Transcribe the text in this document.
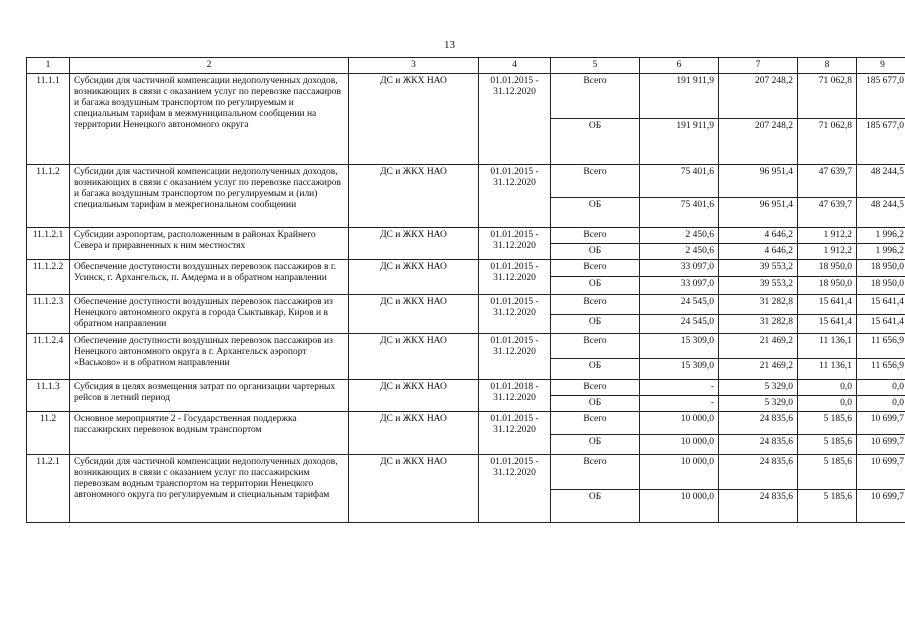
13
1	2	3	4	5	6	7	8	9
11.1.1	Субсидии для частичной компенсации недополученных доходов, возникающих в связи с оказанием услуг по перевозке пассажиров и багажа воздушным транспортом по регулируемым и специальным тарифам в межмуниципальном сообщении на территории Ненецкого автономного округа	ДС и ЖКХ НАО	01.01.2015 - 31.12.2020	Всего	191 911,9	207 248,2	71 062,8	185 677,0
				ОБ	191 911,9	207 248,2	71 062,8	185 677,0
11.1.2	Субсидии для частичной компенсации недополученных доходов, возникающих в связи с оказанием услуг по перевозке пассажиров и багажа воздушным транспортом по регулируемым и (или) специальным тарифам в межрегиональном сообщении	ДС и ЖКХ НАО	01.01.2015 - 31.12.2020	Всего	75 401,6	96 951,4	47 639,7	48 244,5
				ОБ	75 401,6	96 951,4	47 639,7	48 244,5
11.1.2.1	Субсидии аэропортам, расположенным в районах Крайнего Севера и приравненных к ним местностях	ДС и ЖКХ НАО	01.01.2015 - 31.12.2020	Всего	2 450,6	4 646,2	1 912,2	1 996,2
				ОБ	2 450,6	4 646,2	1 912,2	1 996,2
11.1.2.2	Обеспечение доступности воздушных перевозок пассажиров в г. Усинск, г. Архангельск, п. Амдерма и в обратном направлении	ДС и ЖКХ НАО	01.01.2015 - 31.12.2020	Всего	33 097,0	39 553,2	18 950,0	18 950,0
				ОБ	33 097,0	39 553,2	18 950,0	18 950,0
11.1.2.3	Обеспечение доступности воздушных перевозок пассажиров из Ненецкого автономного округа в города Сыктывкар, Киров и в обратном направлении	ДС и ЖКХ НАО	01.01.2015 - 31.12.2020	Всего	24 545,0	31 282,8	15 641,4	15 641,4
				ОБ	24 545,0	31 282,8	15 641,4	15 641,4
11.1.2.4	Обеспечение доступности воздушных перевозок пассажиров из Ненецкого автономного округа в г. Архангельск аэропорт «Васьково» и в обратном направлении	ДС и ЖКХ НАО	01.01.2015 - 31.12.2020	Всего	15 309,0	21 469,2	11 136,1	11 656,9
				ОБ	15 309,0	21 469,2	11 136,1	11 656,9
11.1.3	Субсидия в целях возмещения затрат по организации чартерных рейсов в летний период	ДС и ЖКХ НАО	01.01.2018 - 31.12.2020	Всего	-	5 329,0	0,0	0,0
				ОБ	-	5 329,0	0,0	0,0
11.2	Основное мероприятие 2 - Государственная поддержка пассажирских перевозок водным транспортом	ДС и ЖКХ НАО	01.01.2015 - 31.12.2020	Всего	10 000,0	24 835,6	5 185,6	10 699,7
				ОБ	10 000,0	24 835,6	5 185,6	10 699,7
11.2.1	Субсидии для частичной компенсации недополученных доходов, возникающих в связи с оказанием услуг по пассажирским перевозкам водным транспортом на территории Ненецкого автономного округа по регулируемым и специальным тарифам	ДС и ЖКХ НАО	01.01.2015 - 31.12.2020	Всего	10 000,0	24 835,6	5 185,6	10 699,7
				ОБ	10 000,0	24 835,6	5 185,6	10 699,7
